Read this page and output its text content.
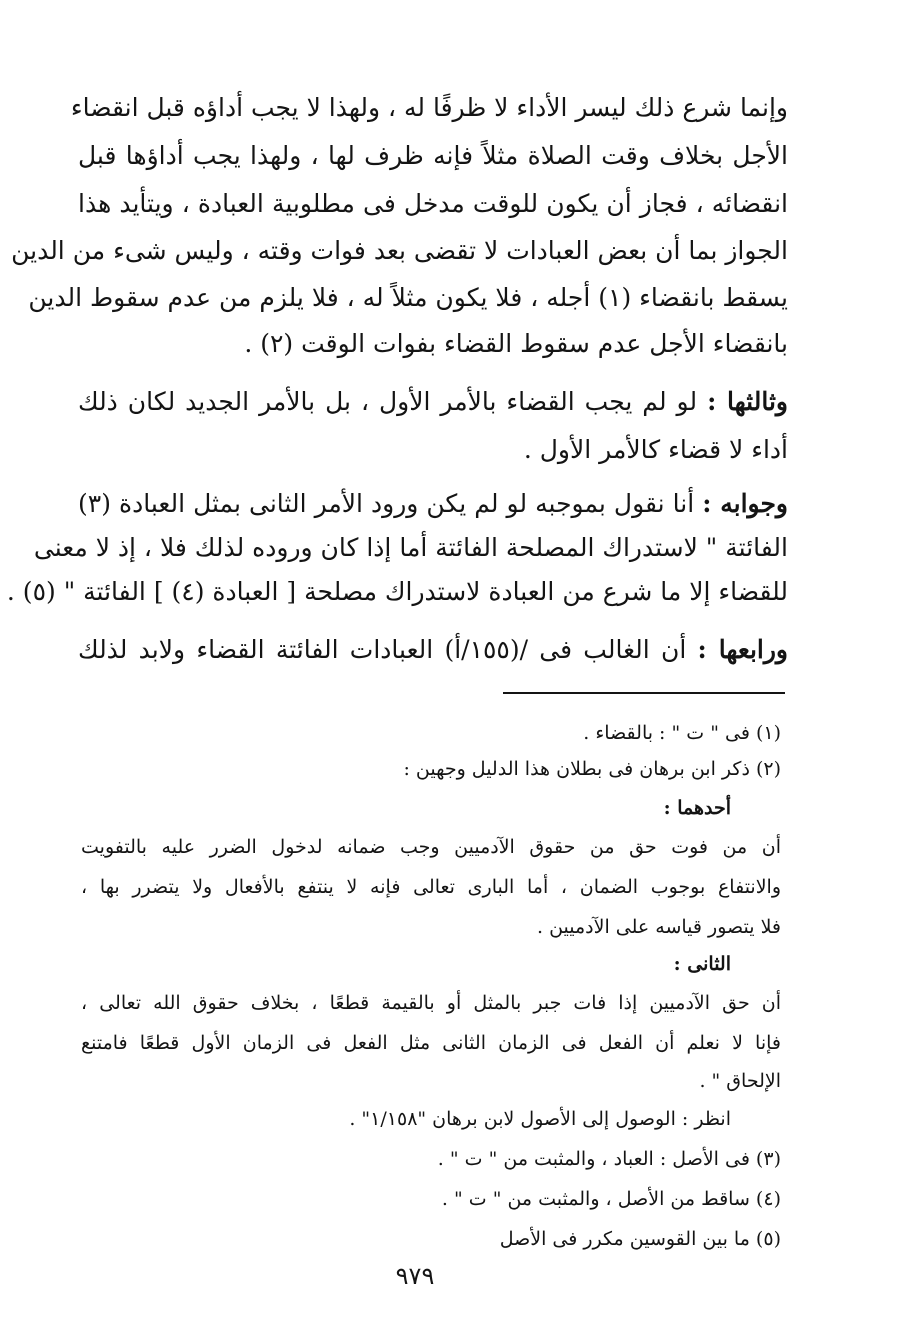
وإنما شرع ذلك ليسر الأداء لا ظرفًا له ، ولهذا لا يجب أداؤه قبل انقضاء
الأجل بخلاف وقت الصلاة مثلاً فإنه ظرف لها ، ولهذا يجب أداؤها قبل
انقضائه ، فجاز أن يكون للوقت مدخل فى مطلوبية العبادة ، ويتأيد هذا
الجواز بما أن بعض العبادات لا تقضى بعد فوات وقته ، وليس شىء من الدين
يسقط بانقضاء (١) أجله ، فلا يكون مثلاً له ، فلا يلزم من عدم سقوط الدين
بانقضاء الأجل عدم سقوط القضاء بفوات الوقت (٢) .
وثالثها : لو لم يجب القضاء بالأمر الأول ، بل بالأمر الجديد لكان ذلك
أداء لا قضاء كالأمر الأول .
وجوابه : أنا نقول بموجبه لو لم يكن ورود الأمر الثانى بمثل العبادة (٣)
الفائتة " لاستدراك المصلحة الفائتة أما إذا كان وروده لذلك فلا ، إذ لا معنى
للقضاء إلا ما شرع من العبادة لاستدراك مصلحة [ العبادة (٤) ] الفائتة " (٥) .
ورابعها : أن الغالب فى /(١٥٥/أ) العبادات الفائتة القضاء ولابد لذلك
(١) فى " ت " : بالقضاء .
(٢) ذكر ابن برهان فى بطلان هذا الدليل وجهين :
أحدهما :
أن من فوت حق من حقوق الآدميين وجب ضمانه لدخول الضرر عليه بالتفويت
والانتفاع بوجوب الضمان ، أما البارى تعالى فإنه لا ينتفع بالأفعال ولا يتضرر بها ،
فلا يتصور قياسه على الآدميين .
الثانى :
أن حق الآدميين إذا فات جبر بالمثل أو بالقيمة قطعًا ، بخلاف حقوق الله تعالى ،
فإنا لا نعلم أن الفعل فى الزمان الثانى مثل الفعل فى الزمان الأول قطعًا فامتنع
الإلحاق " .
انظر : الوصول إلى الأصول لابن برهان "١/١٥٨" .
(٣) فى الأصل : العباد ، والمثبت من " ت " .
(٤) ساقط من الأصل ، والمثبت من " ت " .
(٥) ما بين القوسين مكرر فى الأصل
٩٧٩
